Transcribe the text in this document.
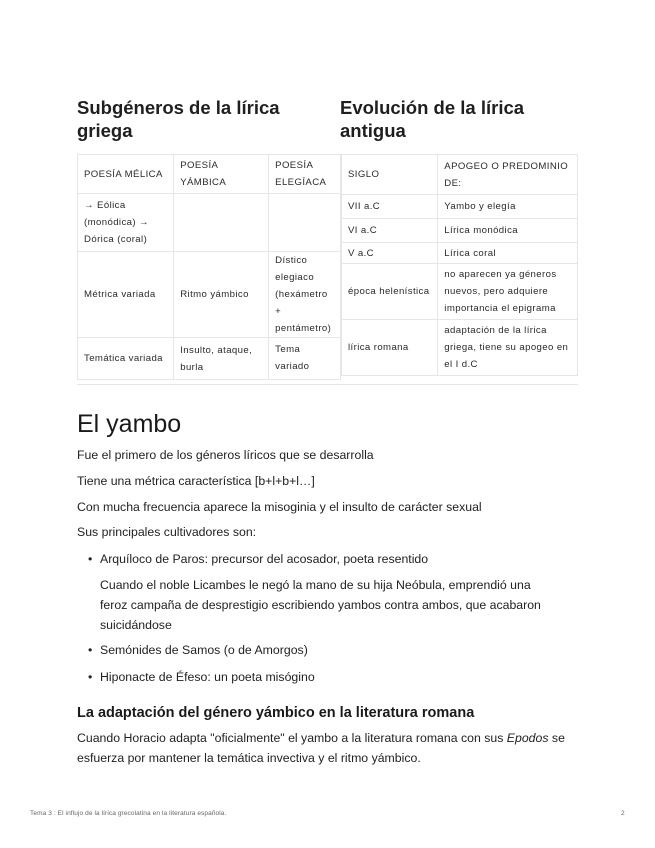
Subgéneros de la lírica griega
Evolución de la lírica antigua
POESÍA MÉLICA	POESÍA YÁMBICA	POESÍA ELEGÍACA
→ Eólica (monódica) → Dórica (coral)		
Métrica variada	Ritmo yámbico	Dístico elegiaco (hexámetro + pentámetro)
Temática variada	Insulto, ataque, burla	Tema variado
SIGLO	APOGEO O PREDOMINIO DE:
VII a.C	Yambo y elegía
VI a.C	Lírica monódica
V a.C	Lírica coral
época helenística	no aparecen ya géneros nuevos, pero adquiere importancia el epigrama
lírica romana	adaptación de la lírica griega, tiene su apogeo en el I d.C
El yambo

Fue el primero de los géneros líricos que se desarrolla

Tiene una métrica característica [b+l+b+l…]

Con mucha frecuencia aparece la misoginia y el insulto de carácter sexual

Sus principales cultivadores son:

• Arquíloco de Paros: precursor del acosador, poeta resentido

Cuando el noble Licambes le negó la mano de su hija Neóbula, emprendió una feroz campaña de desprestigio escribiendo yambos contra ambos, que acabaron suicidándose

• Semónides de Samos (o de Amorgos)
• Hiponacte de Éfeso: un poeta misógino
La adaptación del género yámbico en la literatura romana

Cuando Horacio adapta "oficialmente" el yambo a la literatura romana con sus Epodos se esfuerza por mantener la temática invectiva y el ritmo yámbico.

Tema 3 : El influjo de la lírica grecolatina en la literatura española.	2
